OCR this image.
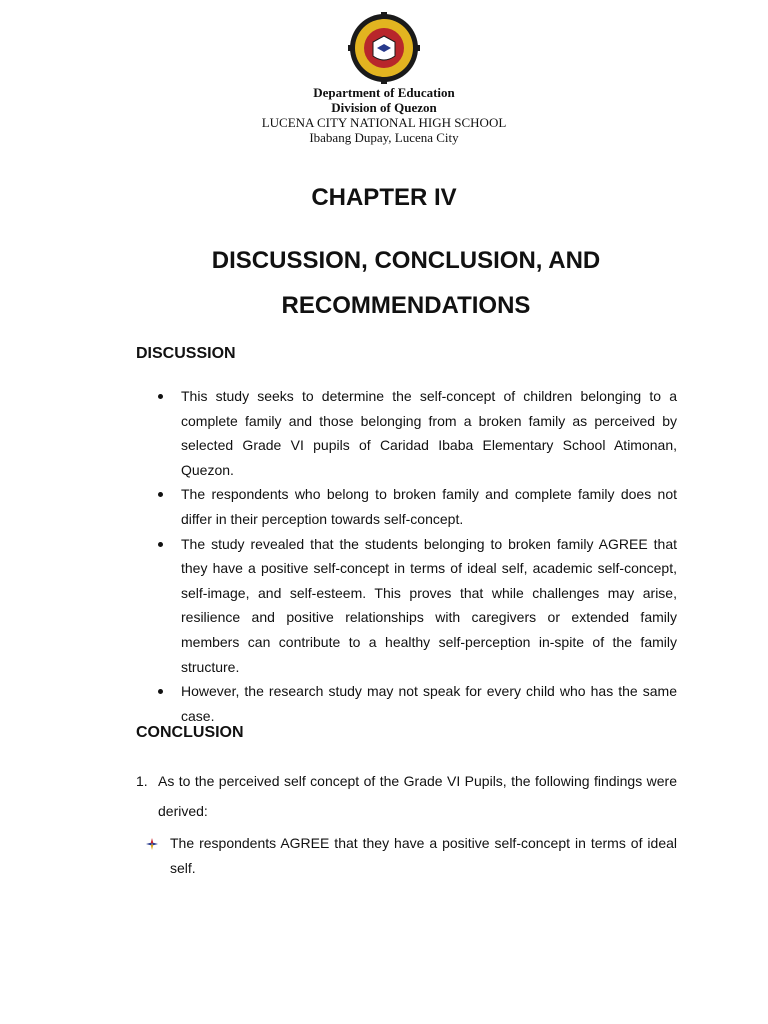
Department of Education
Division of Quezon
LUCENA CITY NATIONAL HIGH SCHOOL
Ibabang Dupay, Lucena City
CHAPTER IV
DISCUSSION, CONCLUSION, AND
RECOMMENDATIONS
DISCUSSION
This study seeks to determine the self-concept of children belonging to a complete family and those belonging from a broken family as perceived by selected Grade VI pupils of Caridad Ibaba Elementary School Atimonan, Quezon.
The respondents who belong to broken family and complete family does not differ in their perception towards self-concept.
The study revealed that the students belonging to broken family AGREE that they have a positive self-concept in terms of ideal self, academic self-concept, self-image, and self-esteem. This proves that while challenges may arise, resilience and positive relationships with caregivers or extended family members can contribute to a healthy self-perception in-spite of the family structure.
However, the research study may not speak for every child who has the same case.
CONCLUSION
1. As to the perceived self concept of the Grade VI Pupils, the following findings were derived:
The respondents AGREE that they have a positive self-concept in terms of ideal self.
